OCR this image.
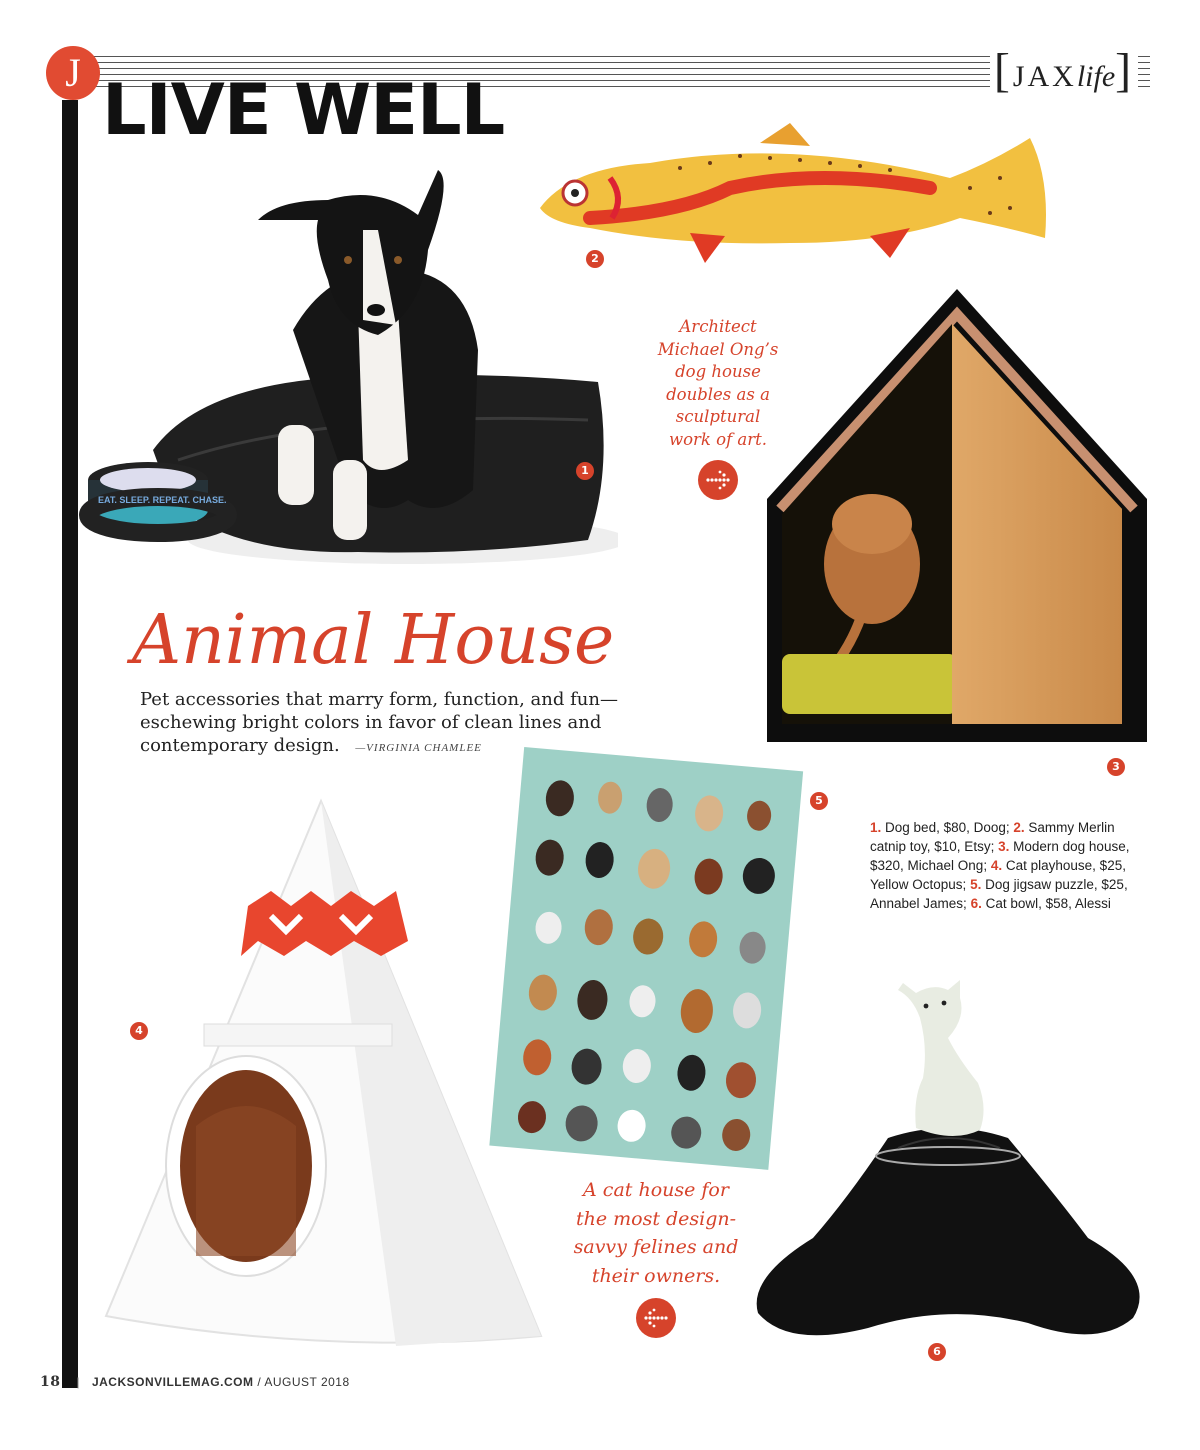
J LIVE WELL	[JAXlife]
EAT. SLEEP. REPEAT. CHASE.
1
2
Architect
Michael Ong’s
dog house
doubles as a
sculptural
work of art.
3
Animal House
Pet accessories that marry form, function, and fun—eschewing bright colors in favor of clean lines and contemporary design. —VIRGINIA CHAMLEE
5
1. Dog bed, $80, Doog; 2. Sammy Merlin catnip toy, $10, Etsy; 3. Modern dog house, $320, Michael Ong; 4. Cat playhouse, $25, Yellow Octopus; 5. Dog jigsaw puzzle, $25, Annabel James; 6. Cat bowl, $58, Alessi
4
A cat house for
the most design-
savvy felines and
their owners.
6
18 | JACKSONVILLEMAG.COM / AUGUST 2018
